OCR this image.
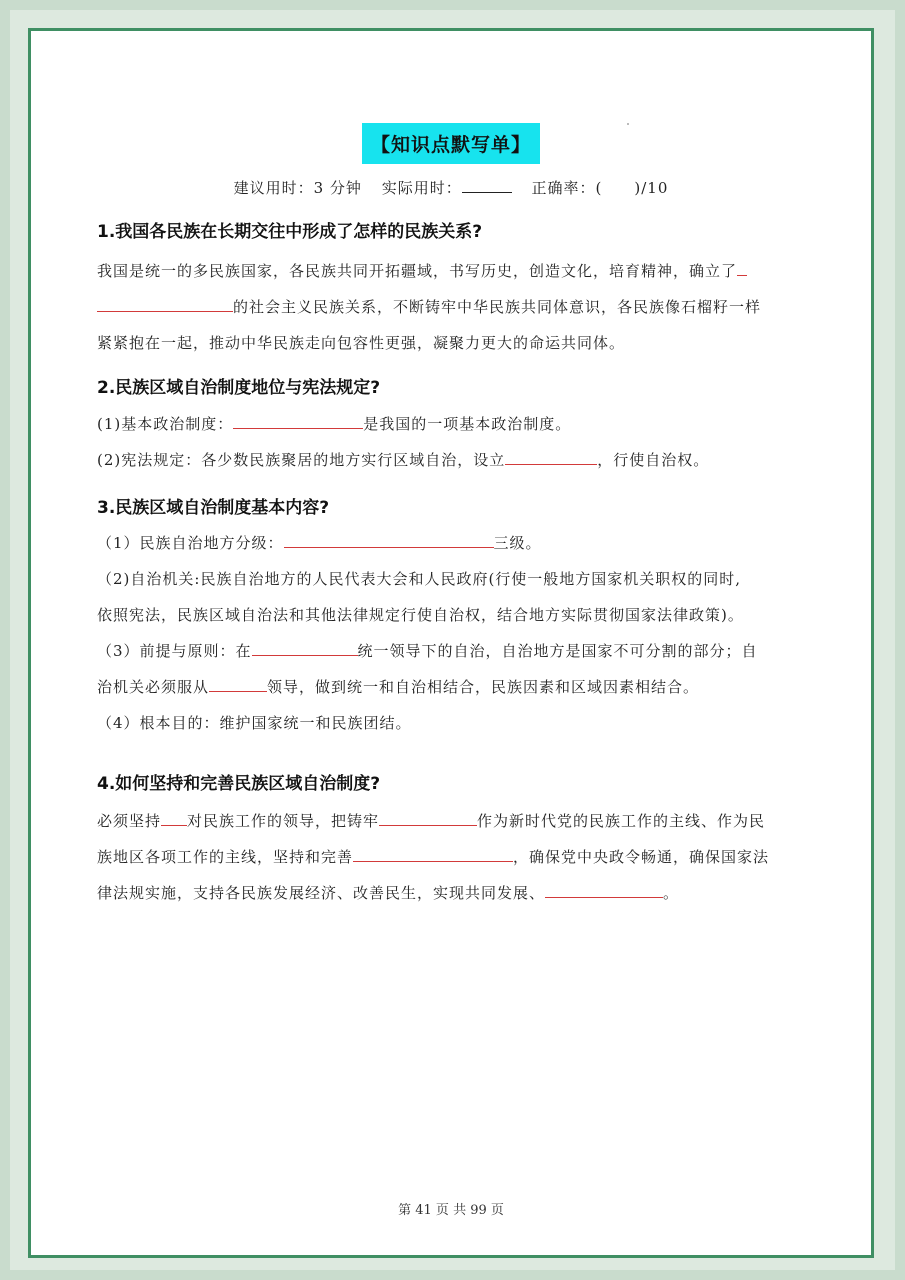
【知识点默写单】
建议用时：3 分钟 实际用时：	正确率：(　　)/10
1.我国各民族在长期交往中形成了怎样的民族关系?
我国是统一的多民族国家，各民族共同开拓疆域，书写历史，创造文化，培育精神，确立了
的社会主义民族关系，不断铸牢中华民族共同体意识，各民族像石榴籽一样
紧紧抱在一起，推动中华民族走向包容性更强，凝聚力更大的命运共同体。
2.民族区域自治制度地位与宪法规定?
(1)基本政治制度：	是我国的一项基本政治制度。
(2)宪法规定：各少数民族聚居的地方实行区域自治，设立	，行使自治权。
3.民族区域自治制度基本内容?
（1）民族自治地方分级：	三级。
（2)自治机关:民族自治地方的人民代表大会和人民政府(行使一般地方国家机关职权的同时,
依照宪法，民族区域自治法和其他法律规定行使自治权，结合地方实际贯彻国家法律政策)。
（3）前提与原则：在	统一领导下的自治，自治地方是国家不可分割的部分；自
治机关必须服从	领导，做到统一和自治相结合，民族因素和区域因素相结合。
（4）根本目的：维护国家统一和民族团结。
4.如何坚持和完善民族区域自治制度?
必须坚持 对民族工作的领导，把铸牢	作为新时代党的民族工作的主线、作为民
族地区各项工作的主线，坚持和完善	，确保党中央政令畅通，确保国家法
律法规实施，支持各民族发展经济、改善民生，实现共同发展、	。
第 41 页 共 99 页
